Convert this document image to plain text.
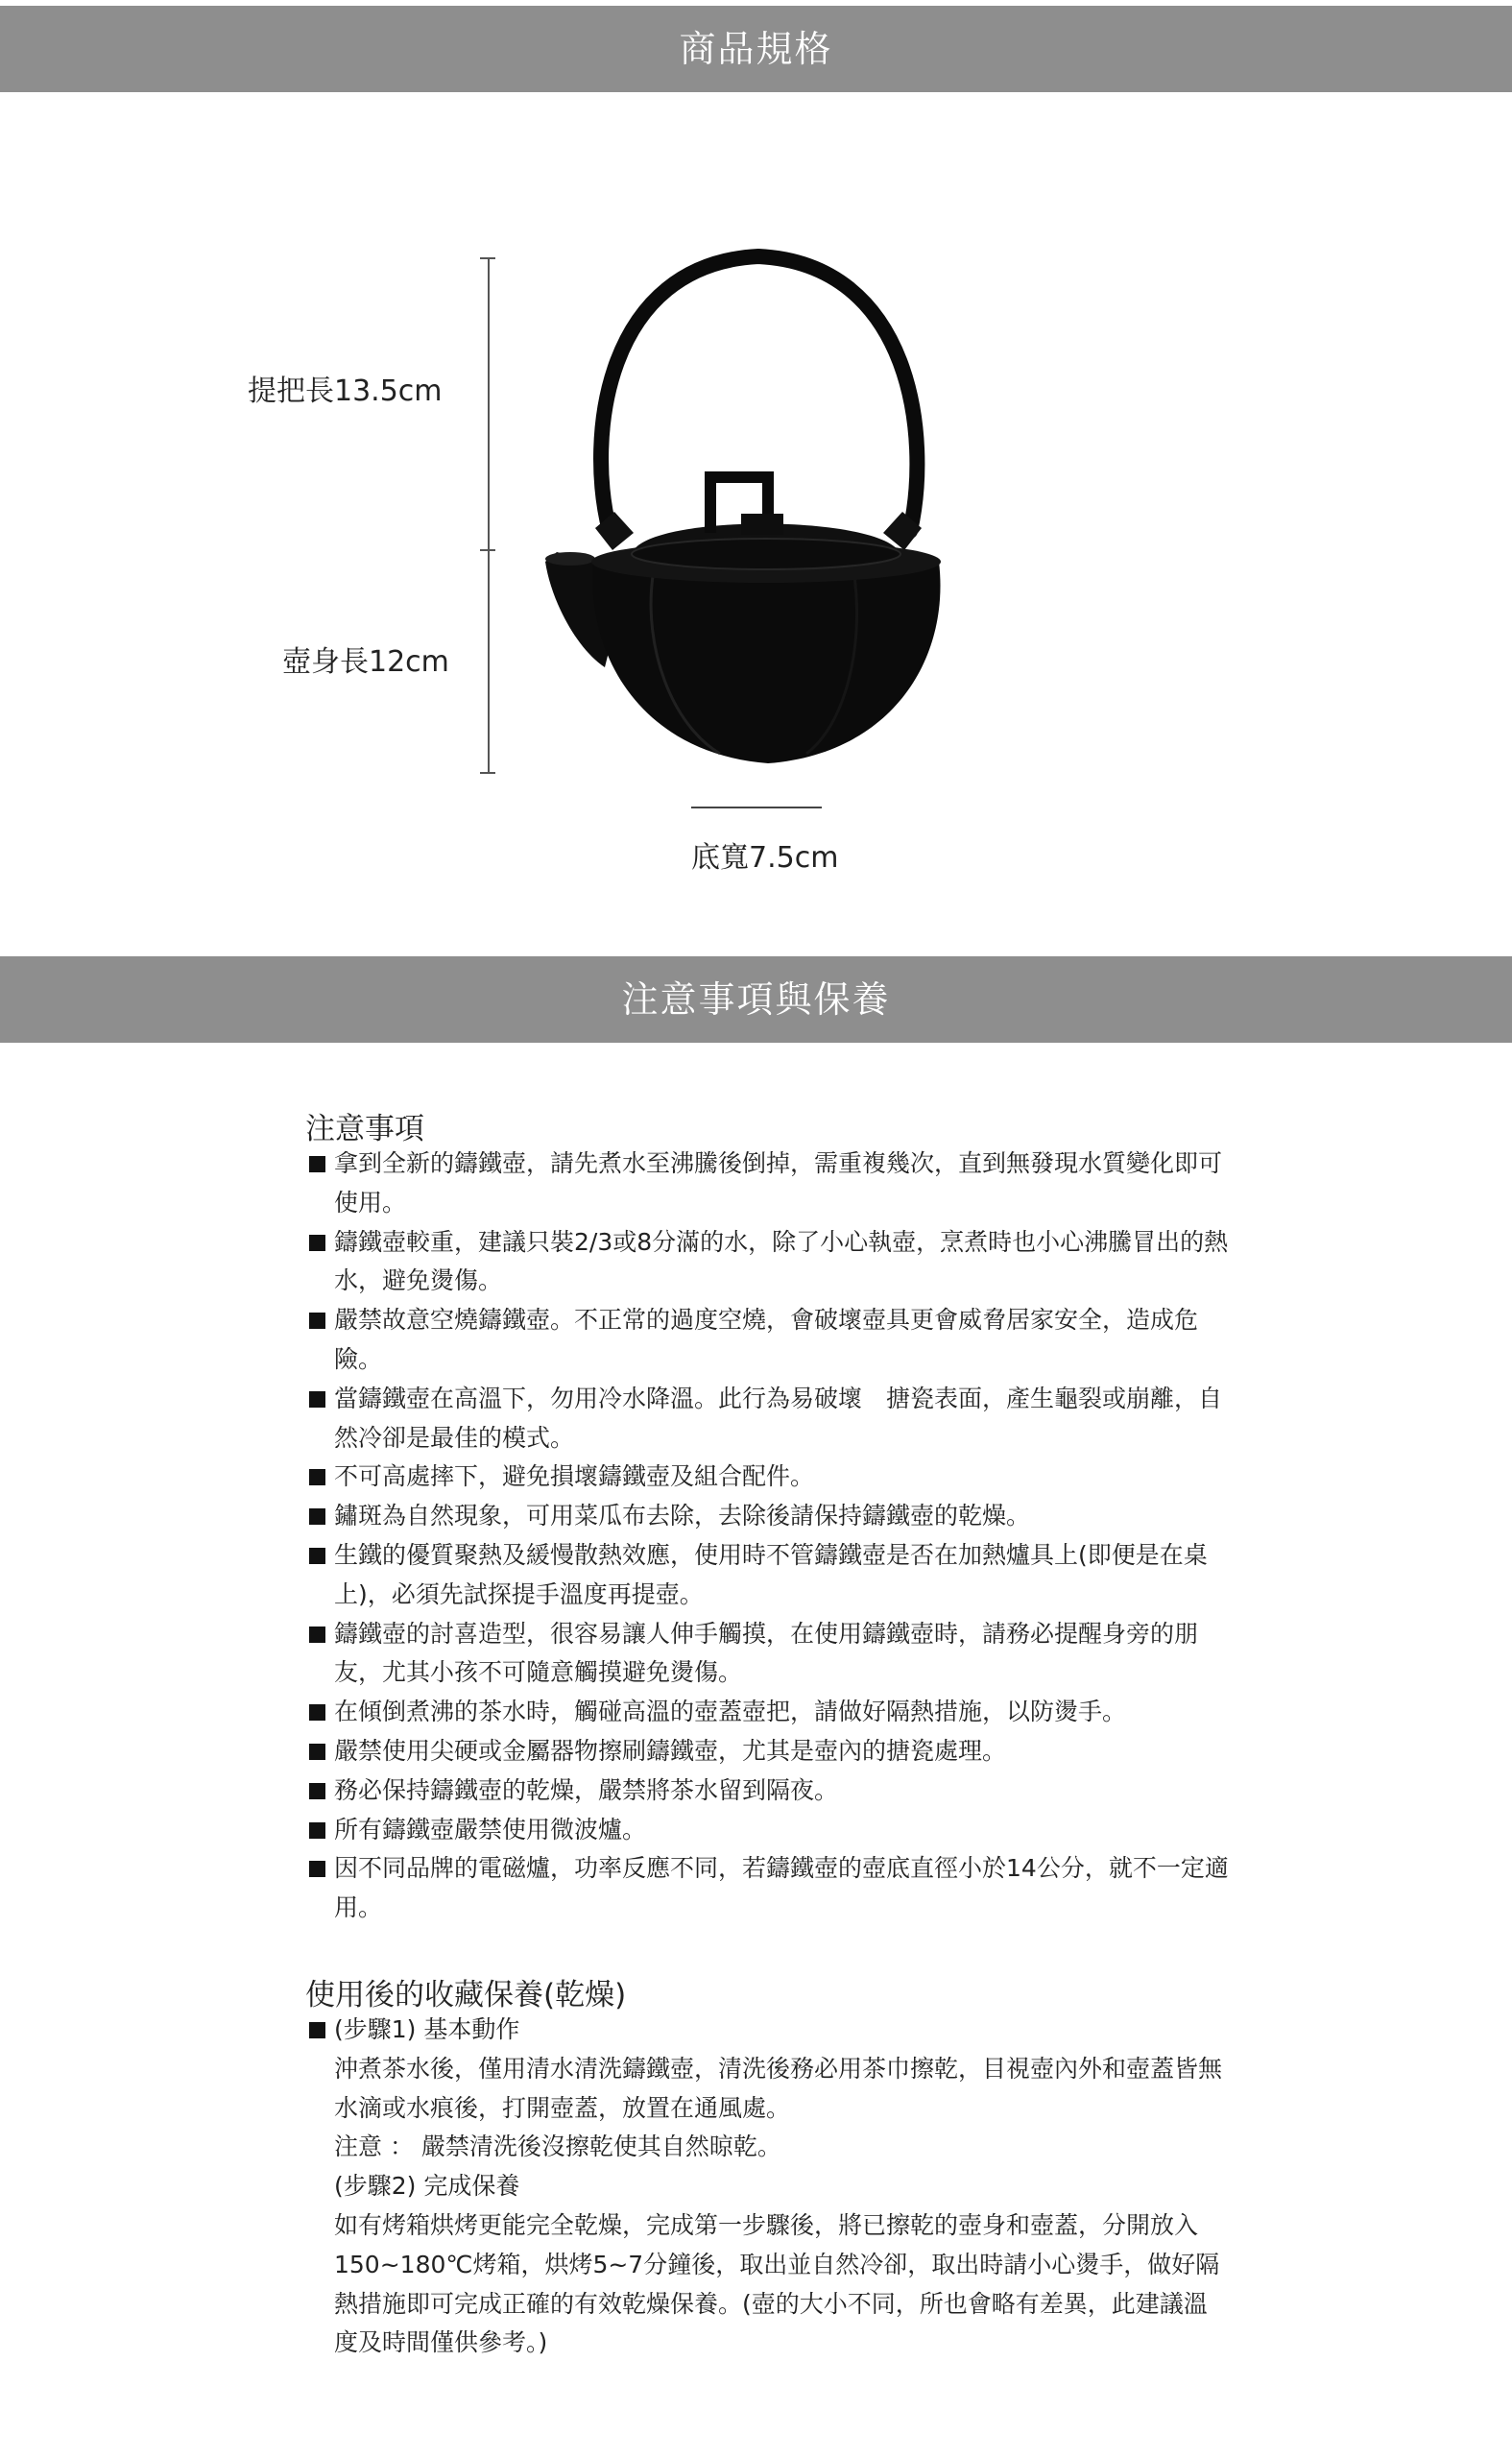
商品規格
提把長13.5cm
壺身長12cm
底寬7.5cm
注意事項與保養
注意事項
拿到全新的鑄鐵壺，請先煮水至沸騰後倒掉，需重複幾次，直到無發現水質變化即可使用。
鑄鐵壺較重，建議只裝2/3或8分滿的水，除了小心執壺，烹煮時也小心沸騰冒出的熱水，避免燙傷。
嚴禁故意空燒鑄鐵壺。不正常的過度空燒，會破壞壺具更會威脅居家安全，造成危險。
當鑄鐵壺在高溫下，勿用冷水降溫。此行為易破壞　搪瓷表面，產生龜裂或崩離，自然冷卻是最佳的模式。
不可高處摔下，避免損壞鑄鐵壺及組合配件。
鏽斑為自然現象，可用菜瓜布去除，去除後請保持鑄鐵壺的乾燥。
生鐵的優質聚熱及緩慢散熱效應，使用時不管鑄鐵壺是否在加熱爐具上(即便是在桌上)，必須先試探提手溫度再提壺。
鑄鐵壺的討喜造型，很容易讓人伸手觸摸，在使用鑄鐵壺時，請務必提醒身旁的朋友，尤其小孩不可隨意觸摸避免燙傷。
在傾倒煮沸的茶水時，觸碰高溫的壺蓋壺把，請做好隔熱措施，以防燙手。
嚴禁使用尖硬或金屬器物擦刷鑄鐵壺，尤其是壺內的搪瓷處理。
務必保持鑄鐵壺的乾燥，嚴禁將茶水留到隔夜。
所有鑄鐵壺嚴禁使用微波爐。
因不同品牌的電磁爐，功率反應不同，若鑄鐵壺的壺底直徑小於14公分，就不一定適用。
使用後的收藏保養(乾燥)
(步驟1) 基本動作
沖煮茶水後，僅用清水清洗鑄鐵壺，清洗後務必用茶巾擦乾，目視壺內外和壺蓋皆無水滴或水痕後，打開壺蓋，放置在通風處。
注意 ： 嚴禁清洗後沒擦乾使其自然晾乾。
(步驟2) 完成保養
如有烤箱烘烤更能完全乾燥，完成第一步驟後，將已擦乾的壺身和壺蓋，分開放入150~180℃烤箱，烘烤5~7分鐘後，取出並自然冷卻，取出時請小心燙手，做好隔熱措施即可完成正確的有效乾燥保養。(壺的大小不同，所也會略有差異，此建議溫度及時間僅供參考。)
